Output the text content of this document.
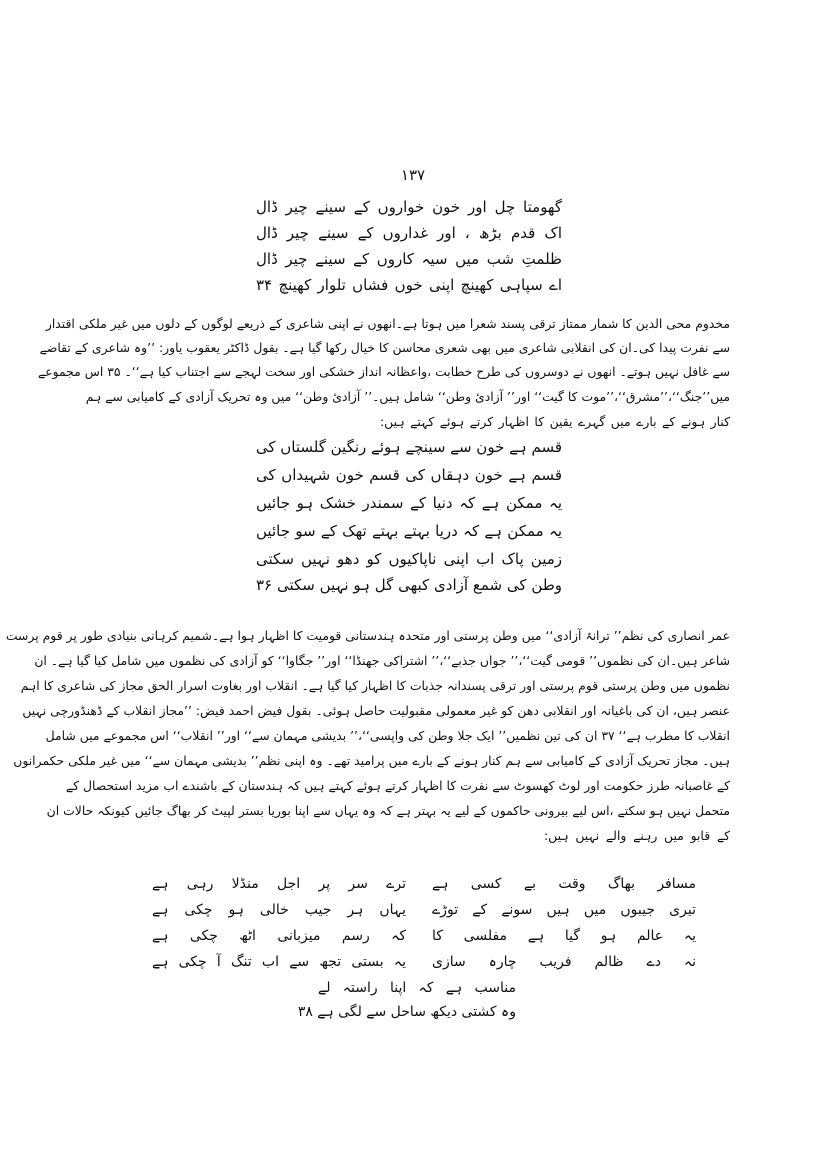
۱۳۷
گھومتا چل اور خون خواروں کے سینے چیر ڈال
اک قدم بڑھ ، اور غداروں کے سینے چیر ڈال
ظلمتِ شب میں سیہ کاروں کے سینے چیر ڈال
اے سپاہی کھینچ اپنی خوں فشاں تلوار کھینچ ۳۴
مخدوم محی الدین کا شمار ممتاز ترقی پسند شعرا میں ہوتا ہے۔انھوں نے اپنی شاعری کے ذریعے لوگوں کے دلوں میں غیر ملکی اقتدار
سے نفرت پیدا کی۔ان کی انقلابی شاعری میں بھی شعری محاسن کا خیال رکھا گیا ہے۔ بقول ڈاکٹر یعقوب یاور: ’’وہ شاعری کے تقاضے
سے غافل نہیں ہوتے۔ انھوں نے دوسروں کی طرح خطابت ،واعظانہ انداز خشکی اور سخت لہجے سے اجتناب کیا ہے‘‘۔ ۳۵ اس مجموعے
میں’’جنگ‘‘،’’مشرق‘‘،’’موت کا گیت‘‘ اور’’ آزادیٔ وطن‘‘ شامل ہیں۔’’ آزادیٔ وطن‘‘ میں وہ تحریک آزادی کے کامیابی سے ہم
کنار ہونے کے بارے میں گہرے یقین کا اظہار کرتے ہوئے کہتے ہیں:
قسم ہے خون سے سینچے ہوئے رنگین گلستاں کی
قسم ہے خون دہقاں کی قسم خون شہیداں کی
یہ ممکن ہے کہ دنیا کے سمندر خشک ہو جائیں
یہ ممکن ہے کہ دریا بہتے بہتے تھک کے سو جائیں
زمین پاک اب اپنی ناپاکیوں کو دھو نہیں سکتی
وطن کی شمع آزادی کبھی گل ہو نہیں سکتی ۳۶
عمر انصاری کی نظم’’ ترانۂ آزادی‘‘ میں وطن پرستی اور متحدہ ہندستانی قومیت کا اظہار ہوا ہے۔شمیم کرہانی بنیادی طور پر قوم پرست
شاعر ہیں۔ان کی نظموں’’ قومی گیت‘‘،’’ جواں جذبے‘‘،’’ اشتراکی جھنڈا‘‘ اور’’ جگاوا‘‘ کو آزادی کی نظموں میں شامل کیا گیا ہے۔ ان
نظموں میں وطن پرستی قوم پرستی اور ترقی پسندانہ جذبات کا اظہار کیا گیا ہے۔ انقلاب اور بغاوت اسرار الحق مجاز کی شاعری کا اہم
عنصر ہیں، ان کی باغیانہ اور انقلابی دھن کو غیر معمولی مقبولیت حاصل ہوئی۔ بقول فیض احمد فیض: ’’مجاز انقلاب کے ڈھنڈورچی نہیں
انقلاب کا مطرب ہے‘‘ ۳۷ ان کی تین نظمیں’’ ایک جلا وطن کی واپسی‘‘،’’ بدیشی مہمان سے‘‘ اور’’ انقلاب‘‘ اس مجموعے میں شامل
ہیں۔ مجاز تحریک آزادی کے کامیابی سے ہم کنار ہونے کے بارے میں پرامید تھے۔ وہ اپنی نظم’’ بدیشی مہمان سے‘‘ میں غیر ملکی حکمرانوں
کے غاصبانہ طرز حکومت اور لوٹ کھسوٹ سے نفرت کا اظہار کرتے ہوئے کہتے ہیں کہ ہندستان کے باشندے اب مزید استحصال کے
متحمل نہیں ہو سکتے ،اس لیے بیرونی حاکموں کے لیے یہ بہتر ہے کہ وہ یہاں سے اپنا بوریا بستر لپیٹ کر بھاگ جائیں کیونکہ حالات ان
کے قابو میں رہنے والے نہیں ہیں:
مسافر بھاگ وقت بے کسی ہے
ترے سر پر اجل منڈلا رہی ہے
تیری جیبوں میں ہیں سونے کے توڑے
یہاں ہر جیب خالی ہو چکی ہے
یہ عالم ہو گیا ہے مفلسی کا
کہ رسم میزبانی اٹھ چکی ہے
نہ دے ظالم فریب چارہ سازی
یہ بستی تجھ سے اب تنگ آ چکی ہے
مناسب ہے کہ اپنا راستہ لے
وہ کشتی دیکھ ساحل سے لگی ہے ۳۸
